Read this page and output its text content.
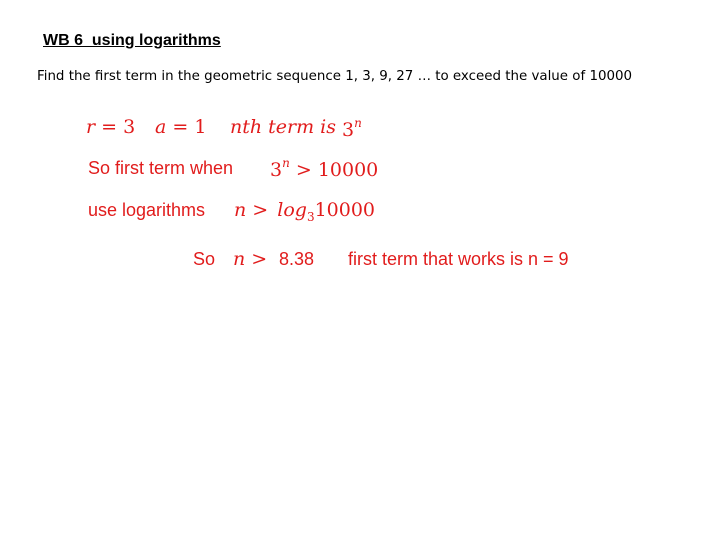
WB 6  using logarithms
Find the first term in the geometric sequence 1, 3, 9, 27 … to exceed the value of 10000
r = 3 a = 1 nth term is 3$^n$
So first term when $3^n > 10000$
use logarithms $n > \log_310000$
So n > 8.38 first term that works is n = 9
